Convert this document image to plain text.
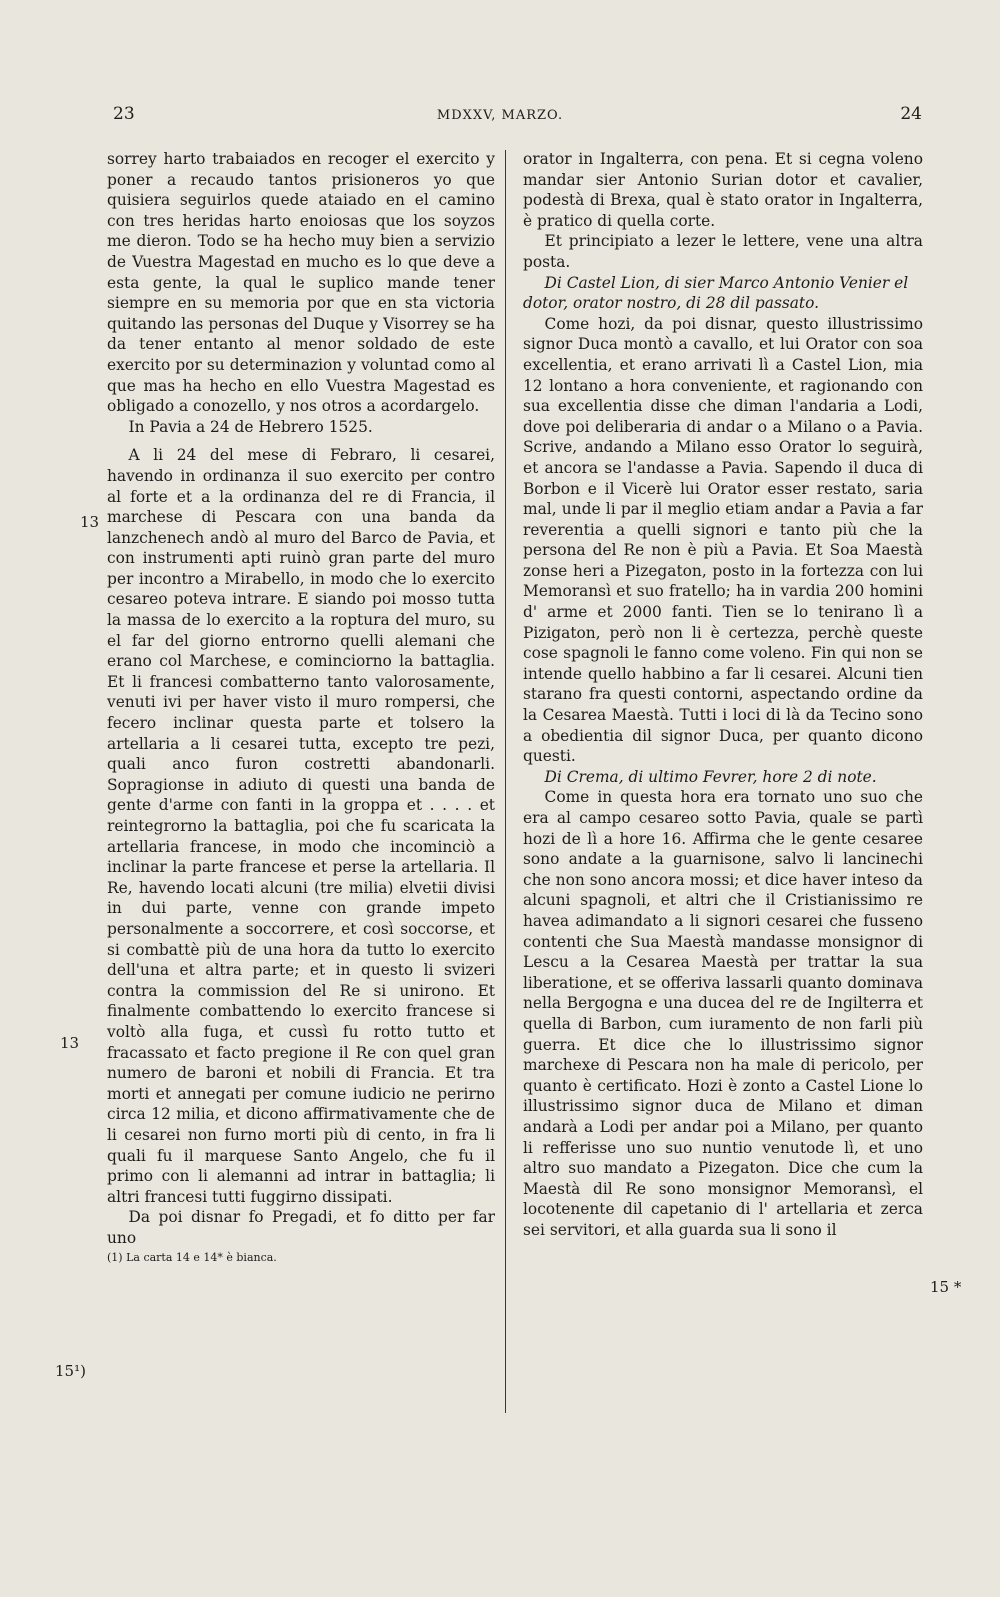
23	MDXXV, MARZO.	24

sorrey harto trabaiados en recoger el exercito y poner a recaudo tantos prisioneros yo que quisiera seguirlos quede ataiado en el camino con tres heridas harto enoiosas que los soyzos me dieron. Todo se ha hecho muy bien a servizio de Vuestra Magestad en mucho es lo que deve a esta gente, la qual le suplico mande tener siempre en su memoria por que en sta victoria quitando las personas del Duque y Visorrey se ha da tener entanto al menor soldado de este exercito por su determinazion y voluntad como al que mas ha hecho en ello Vuestra Magestad es obligado a conozello, y nos otros a acordargelo.

In Pavia a 24 de Hebrero 1525.

A li 24 del mese di Febraro, li cesarei, havendo in ordinanza il suo exercito per contro al forte et a la ordinanza del re di Francia, il marchese di Pescara con una banda da lanzchenech andò al muro del Barco de Pavia, et con instrumenti apti ruinò gran parte del muro per incontro a Mirabello, in modo che lo exercito cesareo poteva intrare. E siando poi mosso tutta la massa de lo exercito a la roptura del muro, su el far del giorno entrorno quelli alemani che erano col Marchese, e cominciorno la battaglia. Et li francesi combatterno tanto valorosamente, venuti ivi per haver visto il muro rompersi, che fecero inclinar questa parte et tolsero la artellaria a li cesarei tutta, excepto tre pezi, quali anco furon costretti abandonarli. Sopragionse in adiuto di questi una banda de gente d'arme con fanti in la groppa et . . . . et reintegrorno la battaglia, poi che fu scaricata la artellaria francese, in modo che incominciò a inclinar la parte francese et perse la artellaria. Il Re, havendo locati alcuni (tre milia) elvetii divisi in dui parte, venne con grande impeto personalmente a soccorrere, et così soccorse, et si combattè più de una hora da tutto lo exercito dell'una et altra parte; et in questo li svizeri contra la commission del Re si unirono. Et finalmente combattendo lo exercito francese si voltò alla fuga, et cussì fu rotto tutto et fracassato et facto pregione il Re con quel gran numero de baroni et nobili di Francia. Et tra morti et annegati per comune iudicio ne perirno circa 12 milia, et dicono affirmativamente che de li cesarei non furno morti più di cento, in fra li quali fu il marquese Santo Angelo, che fu il primo con li alemanni ad intrar in battaglia; li altri francesi tutti fuggirno dissipati.

Da poi disnar fo Pregadi, et fo ditto per far uno

(1) La carta 14 e 14* è bianca.

orator in Ingalterra, con pena. Et si cegna voleno mandar sier Antonio Surian dotor et cavalier, podestà di Brexa, qual è stato orator in Ingalterra, è pratico di quella corte.

Et principiato a lezer le lettere, vene una altra posta.

Di Castel Lion, di sier Marco Antonio Venier el dotor, orator nostro, di 28 dil passato.

Come hozi, da poi disnar, questo illustrissimo signor Duca montò a cavallo, et lui Orator con soa excellentia, et erano arrivati lì a Castel Lion, mia 12 lontano a hora conveniente, et ragionando con sua excellentia disse che diman l'andaria a Lodi, dove poi deliberaria di andar o a Milano o a Pavia. Scrive, andando a Milano esso Orator lo seguirà, et ancora se l'andasse a Pavia. Sapendo il duca di Borbon e il Vicerè lui Orator esser restato, saria mal, unde li par il meglio etiam andar a Pavia a far reverentia a quelli signori e tanto più che la persona del Re non è più a Pavia. Et Soa Maestà zonse heri a Pizegaton, posto in la fortezza con lui Memoransì et suo fratello; ha in vardia 200 homini d' arme et 2000 fanti. Tien se lo tenirano lì a Pizigaton, però non li è certezza, perchè queste cose spagnoli le fanno come voleno. Fin qui non se intende quello habbino a far li cesarei. Alcuni tien starano fra questi contorni, aspectando ordine da la Cesarea Maestà. Tutti i loci di là da Tecino sono a obedientia dil signor Duca, per quanto dicono questi.

Di Crema, di ultimo Fevrer, hore 2 di note.

Come in questa hora era tornato uno suo che era al campo cesareo sotto Pavia, quale se partì hozi de lì a hore 16. Affirma che le gente cesaree sono andate a la guarnisone, salvo li lancinechi che non sono ancora mossi; et dice haver inteso da alcuni spagnoli, et altri che il Cristianissimo re havea adimandato a li signori cesarei che fusseno contenti che Sua Maestà mandasse monsignor di Lescu a la Cesarea Maestà per trattar la sua liberatione, et se offeriva lassarli quanto dominava nella Bergogna e una ducea del re de Ingilterra et quella di Barbon, cum iuramento de non farli più guerra. Et dice che lo illustrissimo signor marchexe di Pescara non ha male di pericolo, per quanto è certificato. Hozi è zonto a Castel Lione lo illustrissimo signor duca de Milano et diman andarà a Lodi per andar poi a Milano, per quanto li refferisse uno suo nuntio venutode lì, et uno altro suo mandato a Pizegaton. Dice che cum la Maestà dil Re sono monsignor Memoransì, el locotenente dil capetanio di l' artellaria et zerca sei servitori, et alla guarda sua li sono il

13
13
15¹)
15 *
